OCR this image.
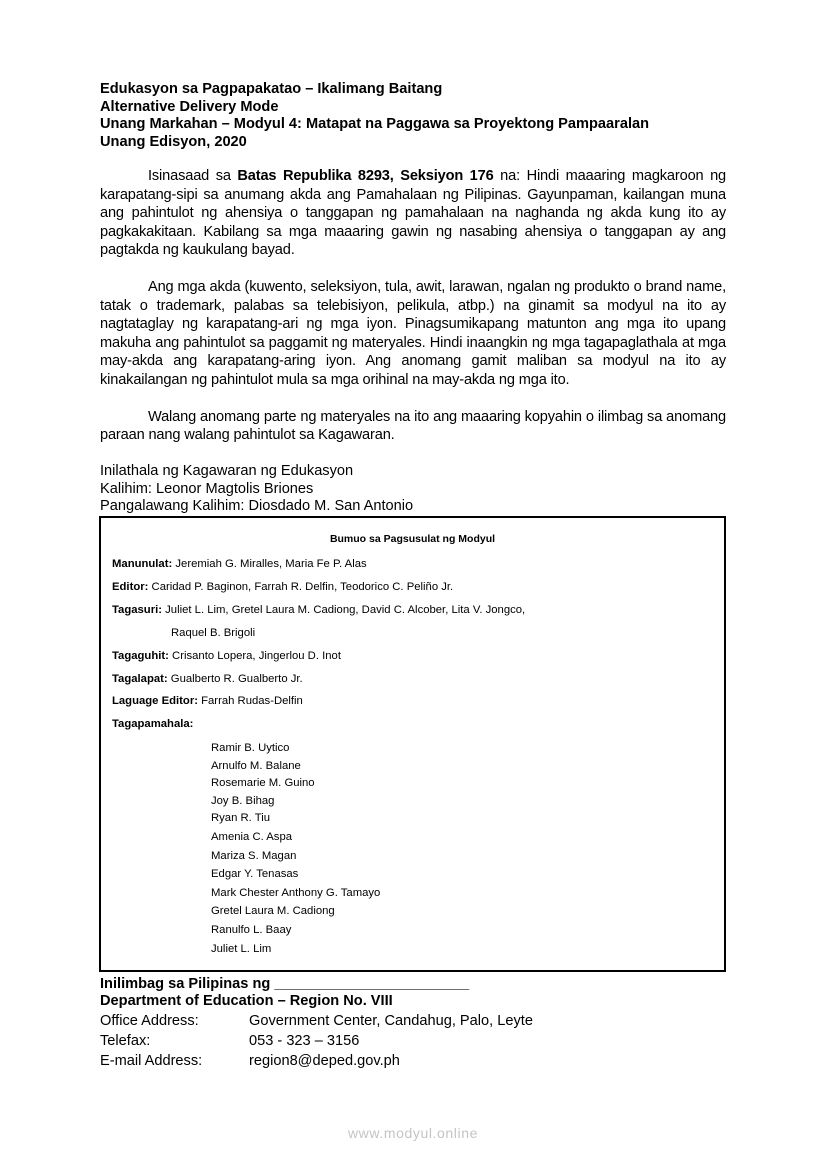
Edukasyon sa Pagpapakatao – Ikalimang Baitang
Alternative Delivery Mode
Unang Markahan – Modyul 4: Matapat na Paggawa sa Proyektong Pampaaralan
Unang Edisyon, 2020

Isinasaad sa Batas Republika 8293, Seksiyon 176 na: Hindi maaaring magkaroon ng karapatang-sipi sa anumang akda ang Pamahalaan ng Pilipinas. Gayunpaman, kailangan muna ang pahintulot ng ahensiya o tanggapan ng pamahalaan na naghanda ng akda kung ito ay pagkakakitaan. Kabilang sa mga maaaring gawin ng nasabing ahensiya o tanggapan ay ang pagtakda ng kaukulang bayad.

Ang mga akda (kuwento, seleksiyon, tula, awit, larawan, ngalan ng produkto o brand name, tatak o trademark, palabas sa telebisiyon, pelikula, atbp.) na ginamit sa modyul na ito ay nagtataglay ng karapatang-ari ng mga iyon. Pinagsumikapang matunton ang mga ito upang makuha ang pahintulot sa paggamit ng materyales. Hindi inaangkin ng mga tagapaglathala at mga may-akda ang karapatang-aring iyon. Ang anomang gamit maliban sa modyul na ito ay kinakailangan ng pahintulot mula sa mga orihinal na may-akda ng mga ito.

Walang anomang parte ng materyales na ito ang maaaring kopyahin o ilimbag sa anomang paraan nang walang pahintulot sa Kagawaran.

Inilathala ng Kagawaran ng Edukasyon
Kalihim: Leonor Magtolis Briones
Pangalawang Kalihim: Diosdado M. San Antonio
Bumuo sa Pagsusulat ng Modyul
Manunulat: Jeremiah G. Miralles, Maria Fe P. Alas
Editor: Caridad P. Baginon, Farrah R. Delfin, Teodorico C. Peliño Jr.
Tagasuri: Juliet L. Lim, Gretel Laura M. Cadiong, David C. Alcober, Lita V. Jongco,
Raquel B. Brigoli
Tagaguhit: Crisanto Lopera, Jingerlou D. Inot
Tagalapat: Gualberto R. Gualberto Jr.
Laguage Editor: Farrah Rudas-Delfin
Tagapamahala:
Ramir B. Uytico
Arnulfo M. Balane
Rosemarie M. Guino
Joy B. Bihag
Ryan R. Tiu
Amenia C. Aspa
Mariza S. Magan
Edgar Y. Tenasas
Mark Chester Anthony G. Tamayo
Gretel Laura M. Cadiong
Ranulfo L. Baay
Juliet L. Lim
Inilimbag sa Pilipinas ng ________________________
Department of Education – Region No. VIII
Office Address:	Government Center, Candahug, Palo, Leyte
Telefax:	053 - 323 – 3156
E-mail Address:	region8@deped.gov.ph
www.modyul.online
